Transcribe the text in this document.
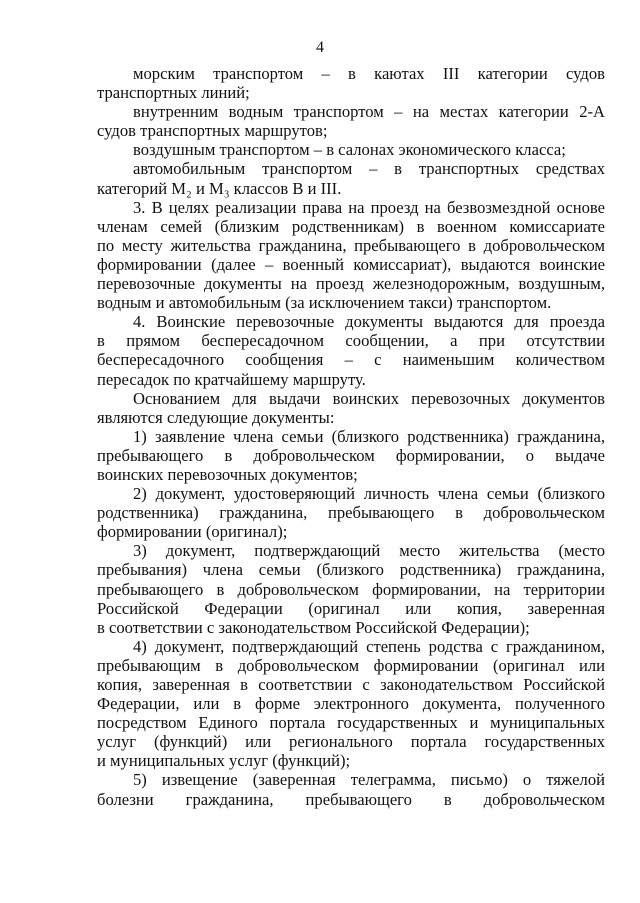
4
морским транспортом – в каютах III категории судов
транспортных линий;
внутренним водным транспортом – на местах категории 2-А
судов транспортных маршрутов;
воздушным транспортом – в салонах экономического класса;
автомобильным транспортом – в транспортных средствах
категорий M₂ и M₃ классов B и III.
3. В целях реализации права на проезд на безвозмездной основе
членам семей (близким родственникам) в военном комиссариате
по месту жительства гражданина, пребывающего в добровольческом
формировании (далее – военный комиссариат), выдаются воинские
перевозочные документы на проезд железнодорожным, воздушным,
водным и автомобильным (за исключением такси) транспортом.
4. Воинские перевозочные документы выдаются для проезда
в прямом беспересадочном сообщении, а при отсутствии
беспересадочного сообщения – с наименьшим количеством
пересадок по кратчайшему маршруту.
Основанием для выдачи воинских перевозочных документов
являются следующие документы:
1) заявление члена семьи (близкого родственника) гражданина,
пребывающего в добровольческом формировании, о выдаче
воинских перевозочных документов;
2) документ, удостоверяющий личность члена семьи (близкого
родственника) гражданина, пребывающего в добровольческом
формировании (оригинал);
3) документ, подтверждающий место жительства (место
пребывания) члена семьи (близкого родственника) гражданина,
пребывающего в добровольческом формировании, на территории
Российской Федерации (оригинал или копия, заверенная
в соответствии с законодательством Российской Федерации);
4) документ, подтверждающий степень родства с гражданином,
пребывающим в добровольческом формировании (оригинал или
копия, заверенная в соответствии с законодательством Российской
Федерации, или в форме электронного документа, полученного
посредством Единого портала государственных и муниципальных
услуг (функций) или регионального портала государственных
и муниципальных услуг (функций);
5) извещение (заверенная телеграмма, письмо) о тяжелой
болезни гражданина, пребывающего в добровольческом
